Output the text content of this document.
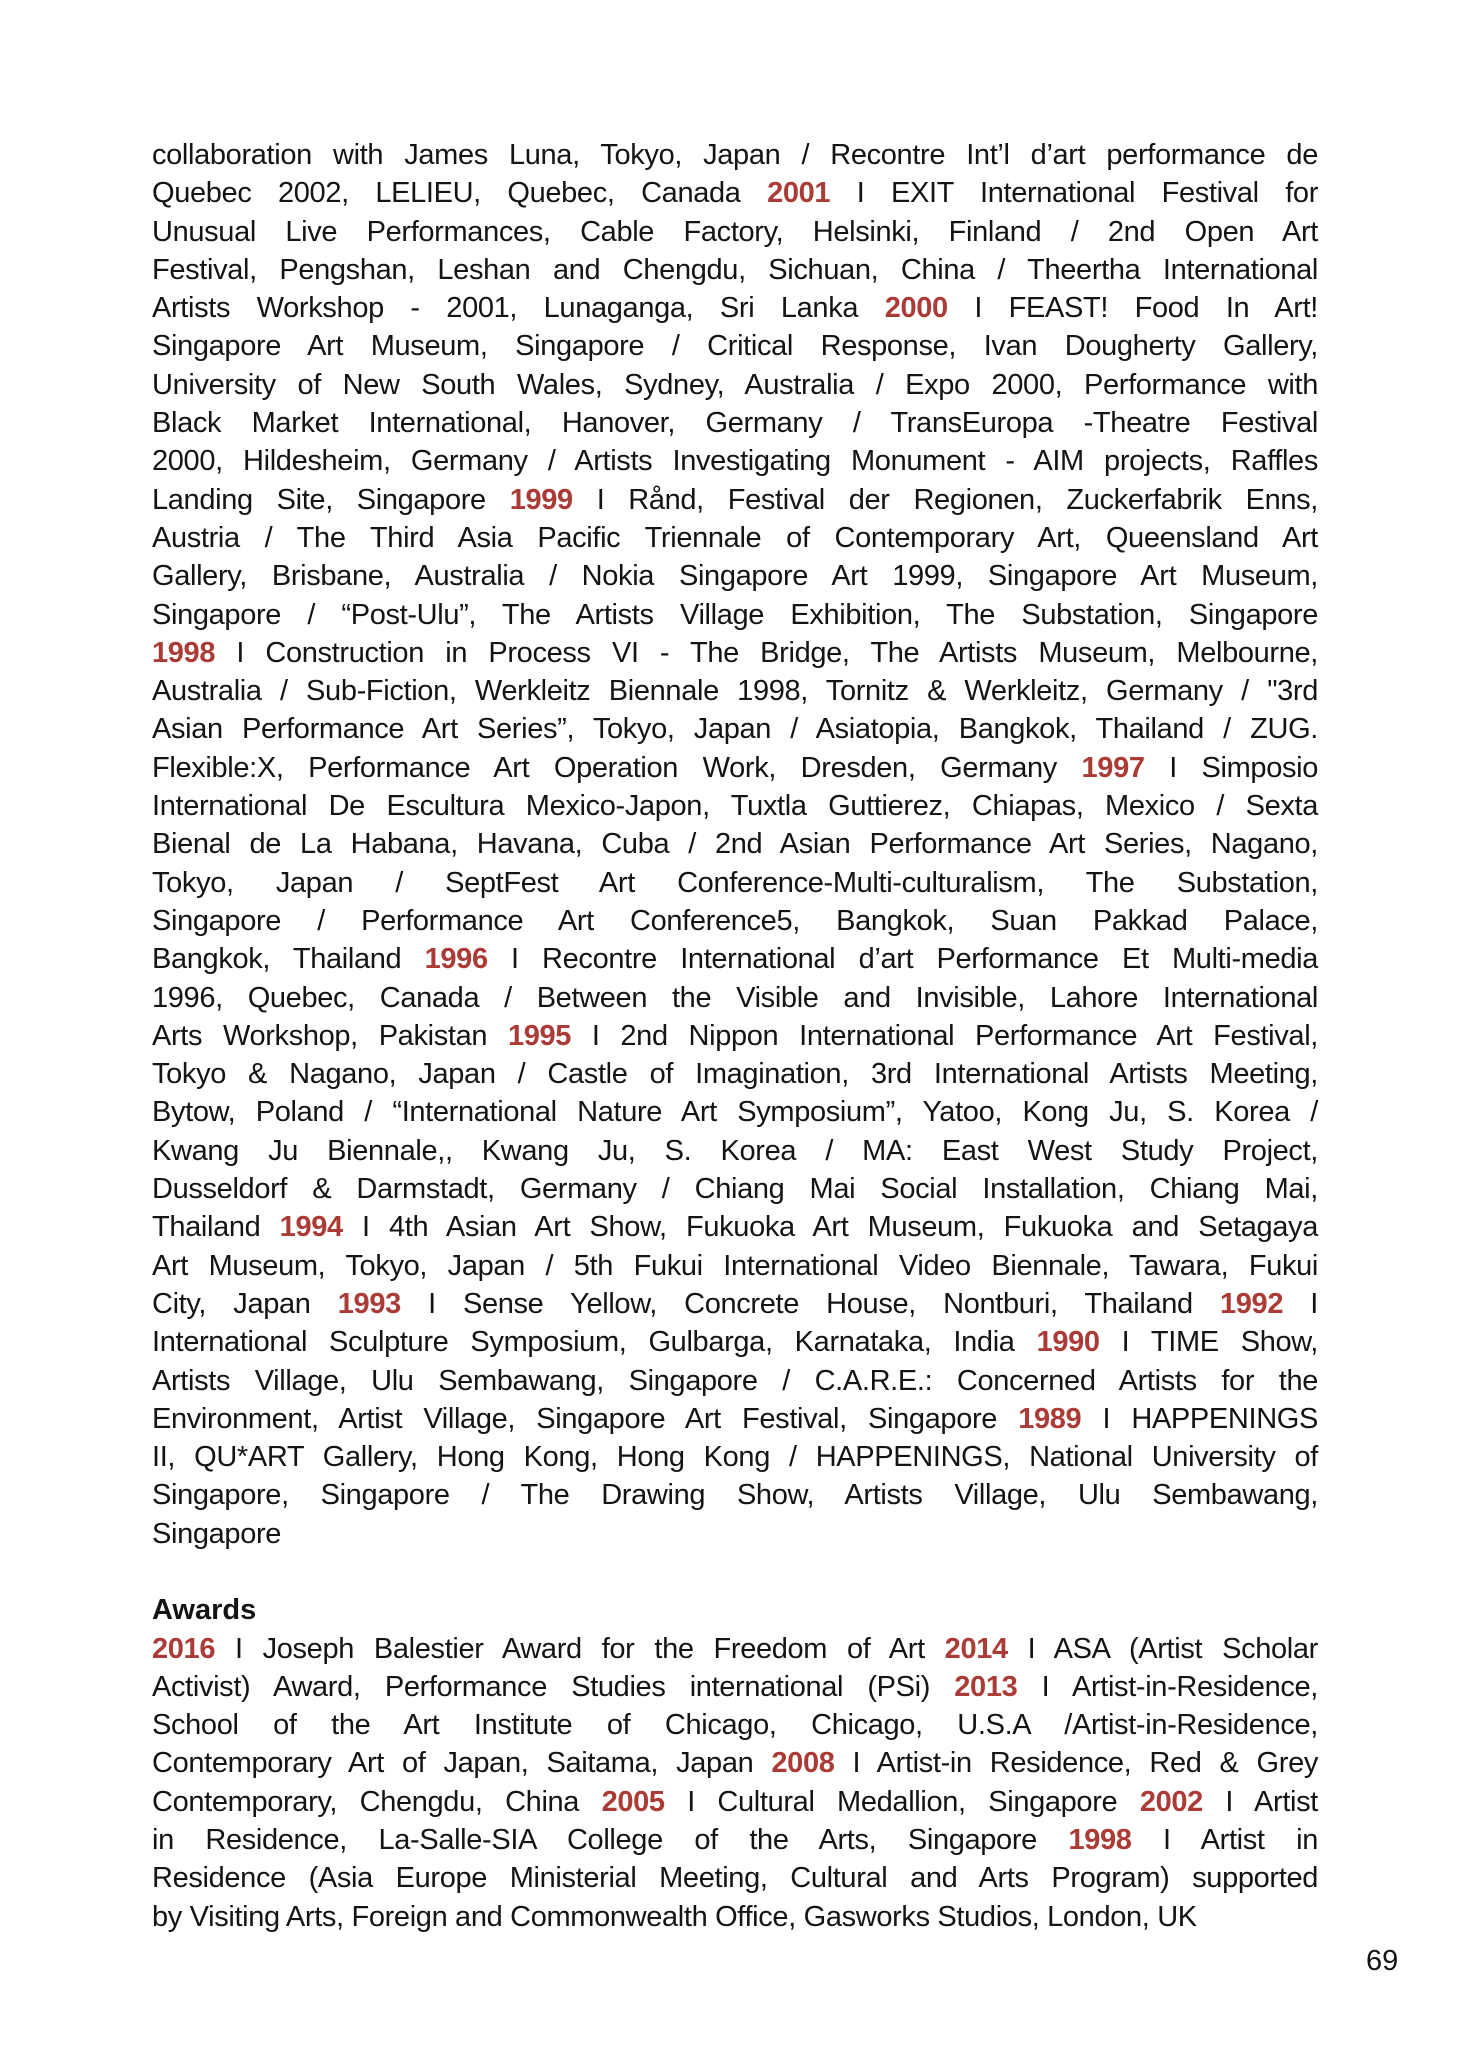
collaboration with James Luna, Tokyo, Japan / Recontre Int’l d’art performance de
Quebec 2002, LELIEU, Quebec, Canada 2001 I EXIT International Festival for
Unusual Live Performances, Cable Factory, Helsinki, Finland / 2nd Open Art
Festival, Pengshan, Leshan and Chengdu, Sichuan, China / Theertha International
Artists Workshop - 2001, Lunaganga, Sri Lanka 2000 I FEAST! Food In Art!
Singapore Art Museum, Singapore / Critical Response, Ivan Dougherty Gallery,
University of New South Wales, Sydney, Australia / Expo 2000, Performance with
Black Market International, Hanover, Germany / TransEuropa -Theatre Festival
2000, Hildesheim, Germany / Artists Investigating Monument - AIM projects, Raffles
Landing Site, Singapore 1999 I Rånd, Festival der Regionen, Zuckerfabrik Enns,
Austria / The Third Asia Pacific Triennale of Contemporary Art, Queensland Art
Gallery, Brisbane, Australia / Nokia Singapore Art 1999, Singapore Art Museum,
Singapore / “Post-Ulu”, The Artists Village Exhibition, The Substation, Singapore
1998 I Construction in Process VI - The Bridge, The Artists Museum, Melbourne,
Australia / Sub-Fiction, Werkleitz Biennale 1998, Tornitz & Werkleitz, Germany / "3rd
Asian Performance Art Series”, Tokyo, Japan / Asiatopia, Bangkok, Thailand / ZUG.
Flexible:X, Performance Art Operation Work, Dresden, Germany 1997 I Simposio
International De Escultura Mexico-Japon, Tuxtla Guttierez, Chiapas, Mexico / Sexta
Bienal de La Habana, Havana, Cuba / 2nd Asian Performance Art Series, Nagano,
Tokyo, Japan / SeptFest Art Conference-Multi-culturalism, The Substation,
Singapore / Performance Art Conference5, Bangkok, Suan Pakkad Palace,
Bangkok, Thailand 1996 I Recontre International d’art Performance Et Multi-media
1996, Quebec, Canada / Between the Visible and Invisible, Lahore International
Arts Workshop, Pakistan 1995 I 2nd Nippon International Performance Art Festival,
Tokyo & Nagano, Japan / Castle of Imagination, 3rd International Artists Meeting,
Bytow, Poland / “International Nature Art Symposium”, Yatoo, Kong Ju, S. Korea /
Kwang Ju Biennale,, Kwang Ju, S. Korea / MA: East West Study Project,
Dusseldorf & Darmstadt, Germany / Chiang Mai Social Installation, Chiang Mai,
Thailand 1994 I 4th Asian Art Show, Fukuoka Art Museum, Fukuoka and Setagaya
Art Museum, Tokyo, Japan / 5th Fukui International Video Biennale, Tawara, Fukui
City, Japan 1993 I Sense Yellow, Concrete House, Nontburi, Thailand 1992 I
International Sculpture Symposium, Gulbarga, Karnataka, India 1990 I TIME Show,
Artists Village, Ulu Sembawang, Singapore / C.A.R.E.: Concerned Artists for the
Environment, Artist Village, Singapore Art Festival, Singapore 1989 I HAPPENINGS
II, QU*ART Gallery, Hong Kong, Hong Kong / HAPPENINGS, National University of
Singapore, Singapore / The Drawing Show, Artists Village, Ulu Sembawang,
Singapore
Awards
2016 I Joseph Balestier Award for the Freedom of Art 2014 I ASA (Artist Scholar
Activist) Award, Performance Studies international (PSi) 2013 I Artist-in-Residence,
School of the Art Institute of Chicago, Chicago, U.S.A /Artist-in-Residence,
Contemporary Art of Japan, Saitama, Japan 2008 I Artist-in Residence, Red & Grey
Contemporary, Chengdu, China 2005 I Cultural Medallion, Singapore 2002 I Artist
in Residence, La-Salle-SIA College of the Arts, Singapore 1998 I Artist in
Residence (Asia Europe Ministerial Meeting, Cultural and Arts Program) supported
by Visiting Arts, Foreign and Commonwealth Office, Gasworks Studios, London, UK
69
